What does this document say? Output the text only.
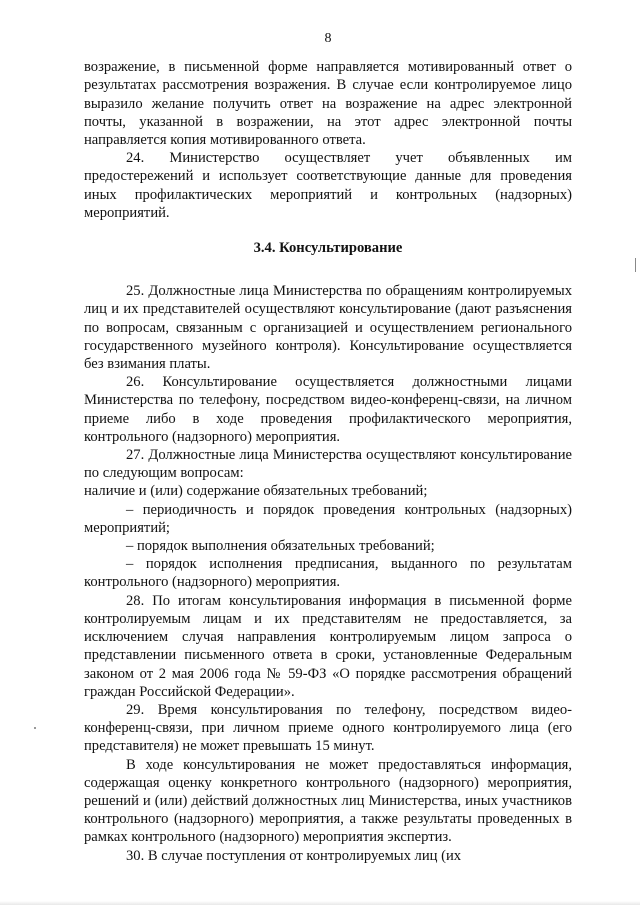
8

возражение, в письменной форме направляется мотивированный ответ о результатах рассмотрения возражения. В случае если контролируемое лицо выразило желание получить ответ на возражение на адрес электронной почты, указанной в возражении, на этот адрес электронной почты направляется копия мотивированного ответа.

24. Министерство осуществляет учет объявленных им предостережений и использует соответствующие данные для проведения иных профилактических мероприятий и контрольных (надзорных) мероприятий.

3.4. Консультирование

25. Должностные лица Министерства по обращениям контролируемых лиц и их представителей осуществляют консультирование (дают разъяснения по вопросам, связанным с организацией и осуществлением регионального государственного музейного контроля). Консультирование осуществляется без взимания платы.

26. Консультирование осуществляется должностными лицами Министерства по телефону, посредством видео-конференц-связи, на личном приеме либо в ходе проведения профилактического мероприятия, контрольного (надзорного) мероприятия.

27. Должностные лица Министерства осуществляют консультирование по следующим вопросам:

наличие и (или) содержание обязательных требований;

– периодичность и порядок проведения контрольных (надзорных) мероприятий;

– порядок выполнения обязательных требований;

– порядок исполнения предписания, выданного по результатам контрольного (надзорного) мероприятия.

28. По итогам консультирования информация в письменной форме контролируемым лицам и их представителям не предоставляется, за исключением случая направления контролируемым лицом запроса о представлении письменного ответа в сроки, установленные Федеральным законом от 2 мая 2006 года № 59-ФЗ «О порядке рассмотрения обращений граждан Российской Федерации».

29. Время консультирования по телефону, посредством видео-конференц-связи, при личном приеме одного контролируемого лица (его представителя) не может превышать 15 минут.

В ходе консультирования не может предоставляться информация, содержащая оценку конкретного контрольного (надзорного) мероприятия, решений и (или) действий должностных лиц Министерства, иных участников контрольного (надзорного) мероприятия, а также результаты проведенных в рамках контрольного (надзорного) мероприятия экспертиз.

30. В случае поступления от контролируемых лиц (их
